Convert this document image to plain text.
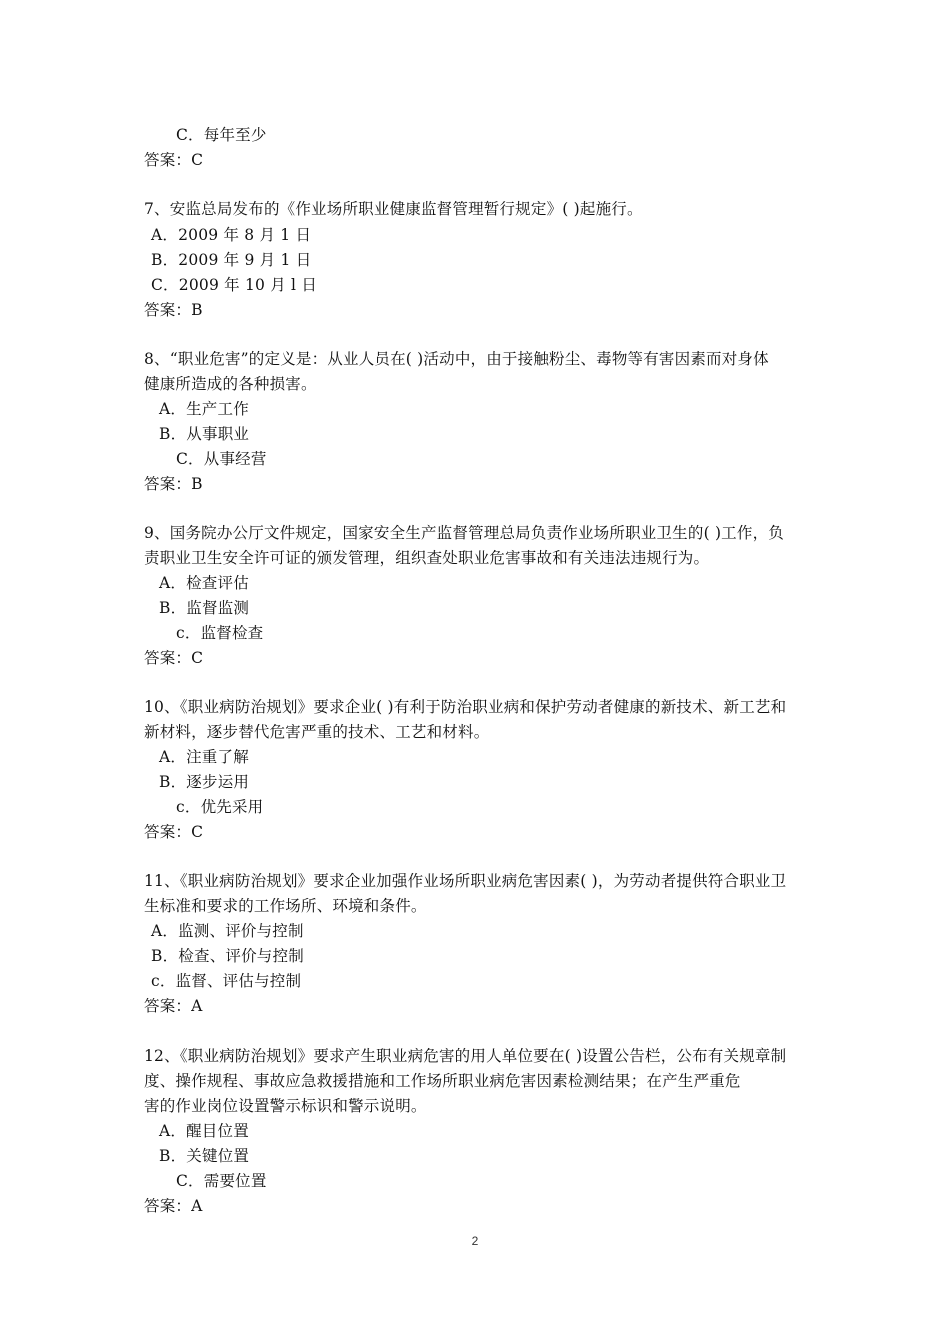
C．每年至少
答案：C
7、安监总局发布的《作业场所职业健康监督管理暂行规定》( )起施行。
A．2009 年 8 月 1 日
B．2009 年 9 月 1 日
C．2009 年 10 月 l 日
答案：B
8、“职业危害”的定义是：从业人员在( )活动中，由于接触粉尘、毒物等有害因素而对身体
健康所造成的各种损害。
A．生产工作
B．从事职业
C．从事经营
答案：B
9、国务院办公厅文件规定，国家安全生产监督管理总局负责作业场所职业卫生的( )工作，负
责职业卫生安全许可证的颁发管理，组织查处职业危害事故和有关违法违规行为。
A．检查评估
B．监督监测
c．监督检查
答案：C
10、《职业病防治规划》要求企业( )有利于防治职业病和保护劳动者健康的新技术、新工艺和
新材料，逐步替代危害严重的技术、工艺和材料。
A．注重了解
B．逐步运用
c．优先采用
答案：C
11、《职业病防治规划》要求企业加强作业场所职业病危害因素( )，为劳动者提供符合职业卫
生标准和要求的工作场所、环境和条件。
A．监测、评价与控制
B．检查、评价与控制
c．监督、评估与控制
答案：A
12、《职业病防治规划》要求产生职业病危害的用人单位要在( )设置公告栏，公布有关规章制
度、操作规程、事故应急救援措施和工作场所职业病危害因素检测结果；在产生严重危
害的作业岗位设置警示标识和警示说明。
A．醒目位置
B．关键位置
C．需要位置
答案：A
2
